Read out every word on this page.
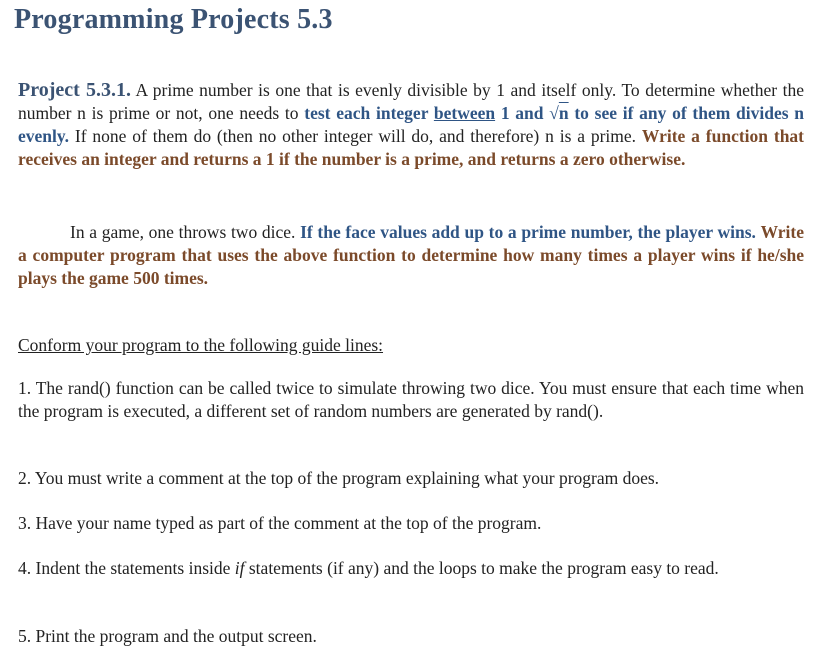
Programming Projects 5.3

Project 5.3.1. A prime number is one that is evenly divisible by 1 and itself only. To determine whether the number n is prime or not, one needs to test each integer between 1 and √n to see if any of them divides n evenly. If none of them do (then no other integer will do, and therefore) n is a prime. Write a function that receives an integer and returns a 1 if the number is a prime, and returns a zero otherwise.

In a game, one throws two dice. If the face values add up to a prime number, the player wins. Write a computer program that uses the above function to determine how many times a player wins if he/she plays the game 500 times.

Conform your program to the following guide lines:

1. The rand() function can be called twice to simulate throwing two dice. You must ensure that each time when the program is executed, a different set of random numbers are generated by rand().

2. You must write a comment at the top of the program explaining what your program does.

3. Have your name typed as part of the comment at the top of the program.

4. Indent the statements inside if statements (if any) and the loops to make the program easy to read.

5. Print the program and the output screen.
